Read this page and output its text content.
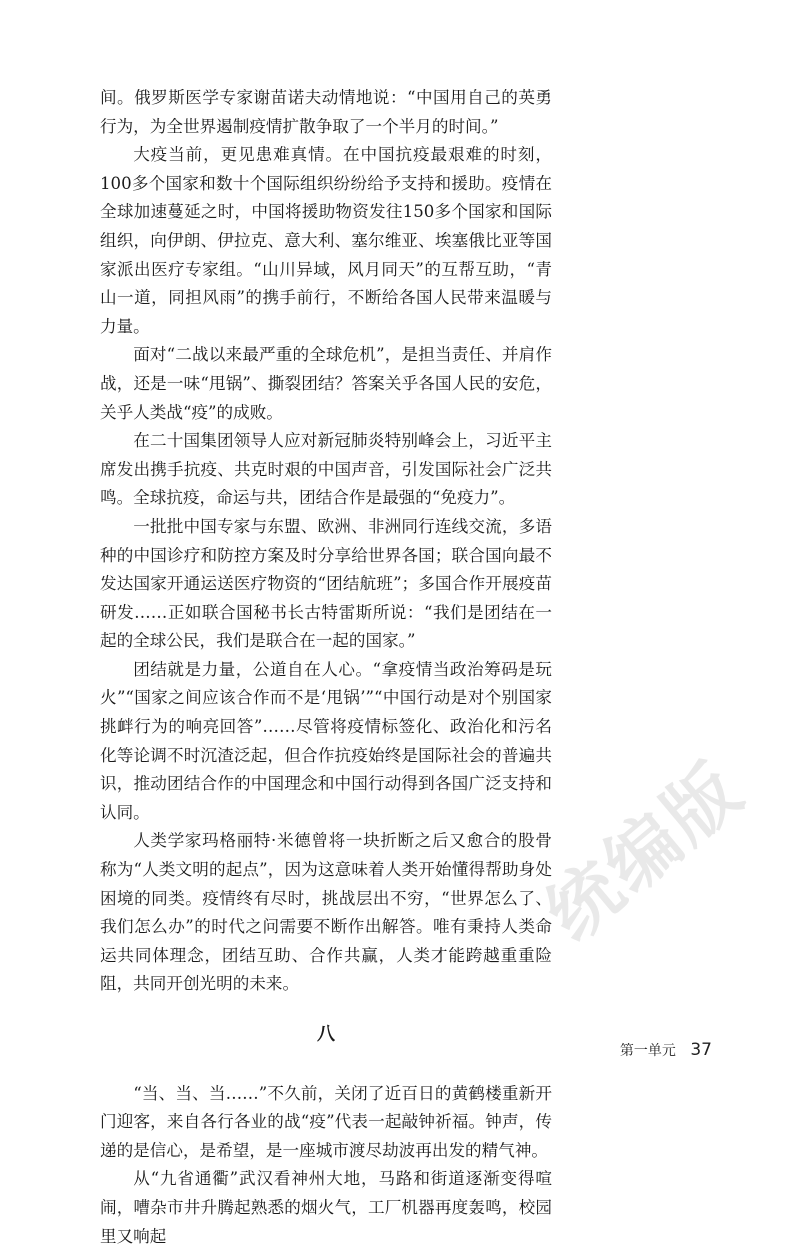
统编版

间。俄罗斯医学专家谢苗诺夫动情地说：“中国用自己的英勇行为，为全世界遏制疫情扩散争取了一个半月的时间。”

大疫当前，更见患难真情。在中国抗疫最艰难的时刻，100多个国家和数十个国际组织纷纷给予支持和援助。疫情在全球加速蔓延之时，中国将援助物资发往150多个国家和国际组织，向伊朗、伊拉克、意大利、塞尔维亚、埃塞俄比亚等国家派出医疗专家组。“山川异域，风月同天”的互帮互助，“青山一道，同担风雨”的携手前行，不断给各国人民带来温暖与力量。

面对“二战以来最严重的全球危机”，是担当责任、并肩作战，还是一味“甩锅”、撕裂团结？答案关乎各国人民的安危，关乎人类战“疫”的成败。

在二十国集团领导人应对新冠肺炎特别峰会上，习近平主席发出携手抗疫、共克时艰的中国声音，引发国际社会广泛共鸣。全球抗疫，命运与共，团结合作是最强的“免疫力”。

一批批中国专家与东盟、欧洲、非洲同行连线交流，多语种的中国诊疗和防控方案及时分享给世界各国；联合国向最不发达国家开通运送医疗物资的“团结航班”；多国合作开展疫苗研发……正如联合国秘书长古特雷斯所说：“我们是团结在一起的全球公民，我们是联合在一起的国家。”

团结就是力量，公道自在人心。“拿疫情当政治筹码是玩火”“国家之间应该合作而不是‘甩锅’”“中国行动是对个别国家挑衅行为的响亮回答”……尽管将疫情标签化、政治化和污名化等论调不时沉渣泛起，但合作抗疫始终是国际社会的普遍共识，推动团结合作的中国理念和中国行动得到各国广泛支持和认同。

人类学家玛格丽特·米德曾将一块折断之后又愈合的股骨称为“人类文明的起点”，因为这意味着人类开始懂得帮助身处困境的同类。疫情终有尽时，挑战层出不穷，“世界怎么了、我们怎么办”的时代之问需要不断作出解答。唯有秉持人类命运共同体理念，团结互助、合作共赢，人类才能跨越重重险阻，共同开创光明的未来。

八

“当、当、当……”不久前，关闭了近百日的黄鹤楼重新开门迎客，来自各行各业的战“疫”代表一起敲钟祈福。钟声，传递的是信心，是希望，是一座城市渡尽劫波再出发的精气神。

从“九省通衢”武汉看神州大地，马路和街道逐渐变得喧闹，嘈杂市井升腾起熟悉的烟火气，工厂机器再度轰鸣，校园里又响起

第一单元 37
